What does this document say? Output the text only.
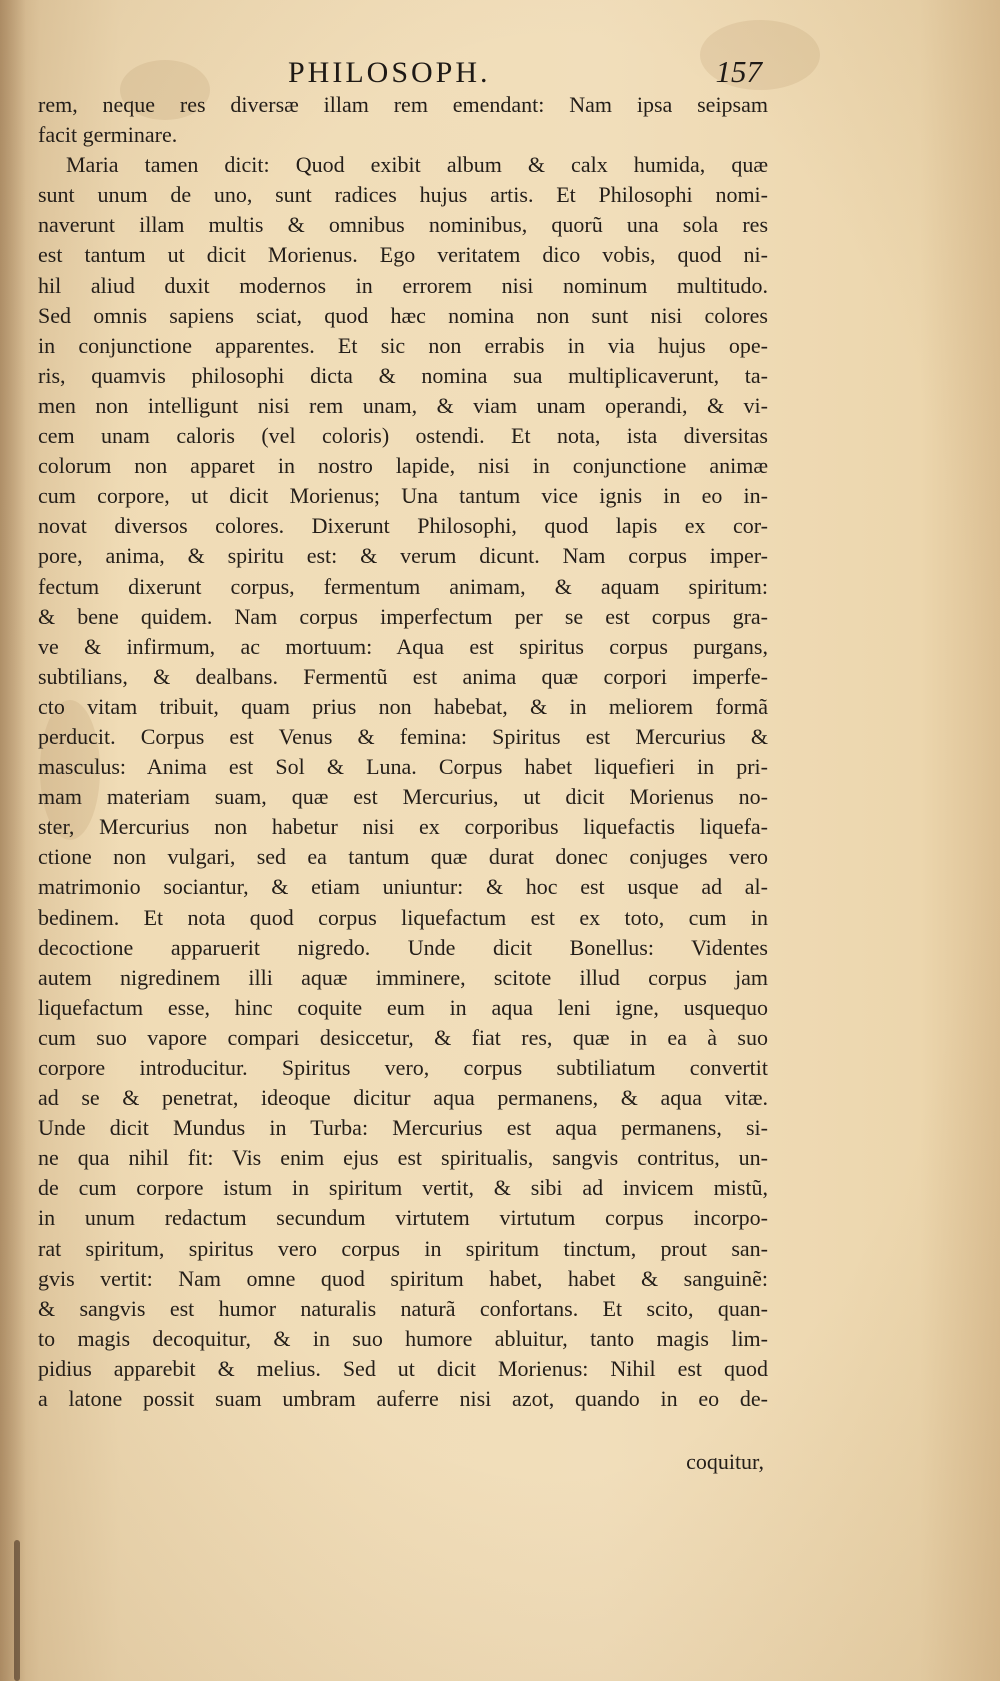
PHILOSOPH.	157
rem, neque res diversæ illam rem emendant: Nam ipsa seipsam
facit germinare.
Maria tamen dicit: Quod exibit album & calx humida, quæ
sunt unum de uno, sunt radices hujus artis. Et Philosophi nomi-
naverunt illam multis & omnibus nominibus, quorũ una sola res
est tantum ut dicit Morienus. Ego veritatem dico vobis, quod ni-
hil aliud duxit modernos in errorem nisi nominum multitudo.
Sed omnis sapiens sciat, quod hæc nomina non sunt nisi colores
in conjunctione apparentes. Et sic non errabis in via hujus ope-
ris, quamvis philosophi dicta & nomina sua multiplicaverunt, ta-
men non intelligunt nisi rem unam, & viam unam operandi, & vi-
cem unam caloris (vel coloris) ostendi. Et nota, ista diversitas
colorum non apparet in nostro lapide, nisi in conjunctione animæ
cum corpore, ut dicit Morienus; Una tantum vice ignis in eo in-
novat diversos colores. Dixerunt Philosophi, quod lapis ex cor-
pore, anima, & spiritu est: & verum dicunt. Nam corpus imper-
fectum dixerunt corpus, fermentum animam, & aquam spiritum:
& bene quidem. Nam corpus imperfectum per se est corpus gra-
ve & infirmum, ac mortuum: Aqua est spiritus corpus purgans,
subtilians, & dealbans. Fermentũ est anima quæ corpori imperfe-
cto vitam tribuit, quam prius non habebat, & in meliorem formã
perducit. Corpus est Venus & femina: Spiritus est Mercurius &
masculus: Anima est Sol & Luna. Corpus habet liquefieri in pri-
mam materiam suam, quæ est Mercurius, ut dicit Morienus no-
ster, Mercurius non habetur nisi ex corporibus liquefactis liquefa-
ctione non vulgari, sed ea tantum quæ durat donec conjuges vero
matrimonio sociantur, & etiam uniuntur: & hoc est usque ad al-
bedinem. Et nota quod corpus liquefactum est ex toto, cum in
decoctione apparuerit nigredo. Unde dicit Bonellus: Videntes
autem nigredinem illi aquæ imminere, scitote illud corpus jam
liquefactum esse, hinc coquite eum in aqua leni igne, usquequo
cum suo vapore compari desiccetur, & fiat res, quæ in ea à suo
corpore introducitur. Spiritus vero, corpus subtiliatum convertit
ad se & penetrat, ideoque dicitur aqua permanens, & aqua vitæ.
Unde dicit Mundus in Turba: Mercurius est aqua permanens, si-
ne qua nihil fit: Vis enim ejus est spiritualis, sangvis contritus, un-
de cum corpore istum in spiritum vertit, & sibi ad invicem mistũ,
in unum redactum secundum virtutem virtutum corpus incorpo-
rat spiritum, spiritus vero corpus in spiritum tinctum, prout san-
gvis vertit: Nam omne quod spiritum habet, habet & sanguinẽ:
& sangvis est humor naturalis naturã confortans. Et scito, quan-
to magis decoquitur, & in suo humore abluitur, tanto magis lim-
pidius apparebit & melius. Sed ut dicit Morienus: Nihil est quod
a latone possit suam umbram auferre nisi azot, quando in eo de-
coquitur,
